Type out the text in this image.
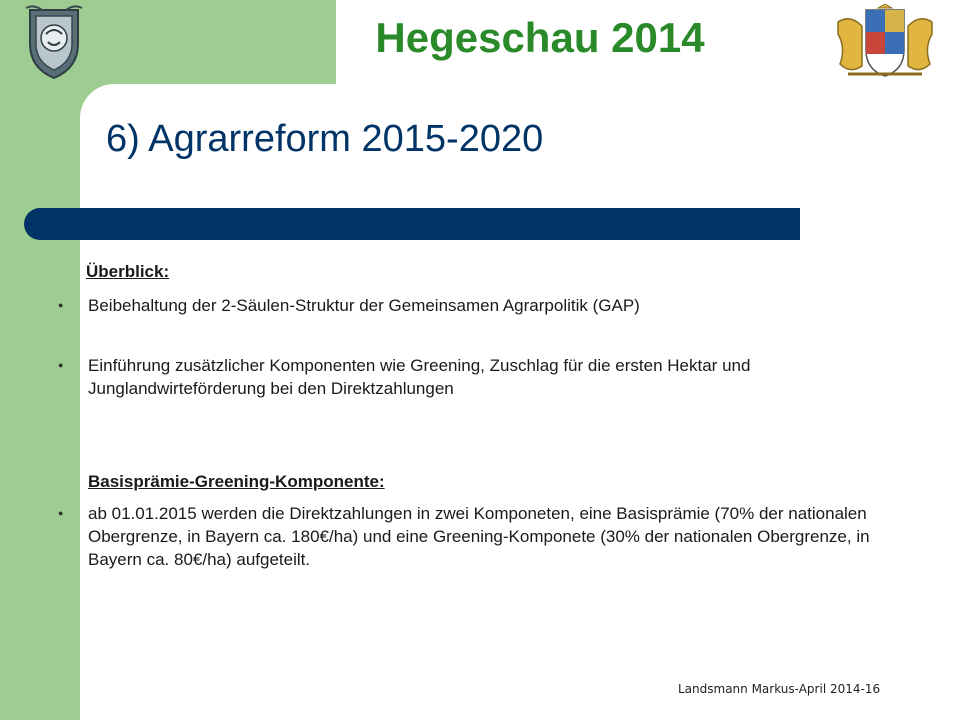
Hegeschau 2014
6) Agrarreform 2015-2020
Überblick:
● Beibehaltung der 2-Säulen-Struktur der Gemeinsamen Agrarpolitik (GAP)
● Einführung zusätzlicher Komponenten wie Greening, Zuschlag für die ersten Hektar und Junglandwirteförderung bei den Direktzahlungen
Basisprämie-Greening-Komponente:
● ab 01.01.2015 werden die Direktzahlungen in zwei Komponeten, eine Basisprämie (70% der nationalen Obergrenze, in Bayern ca. 180€/ha) und eine Greening-Komponete (30% der nationalen Obergrenze, in Bayern ca. 80€/ha) aufgeteilt.
Landsmann Markus-April 2014-16
